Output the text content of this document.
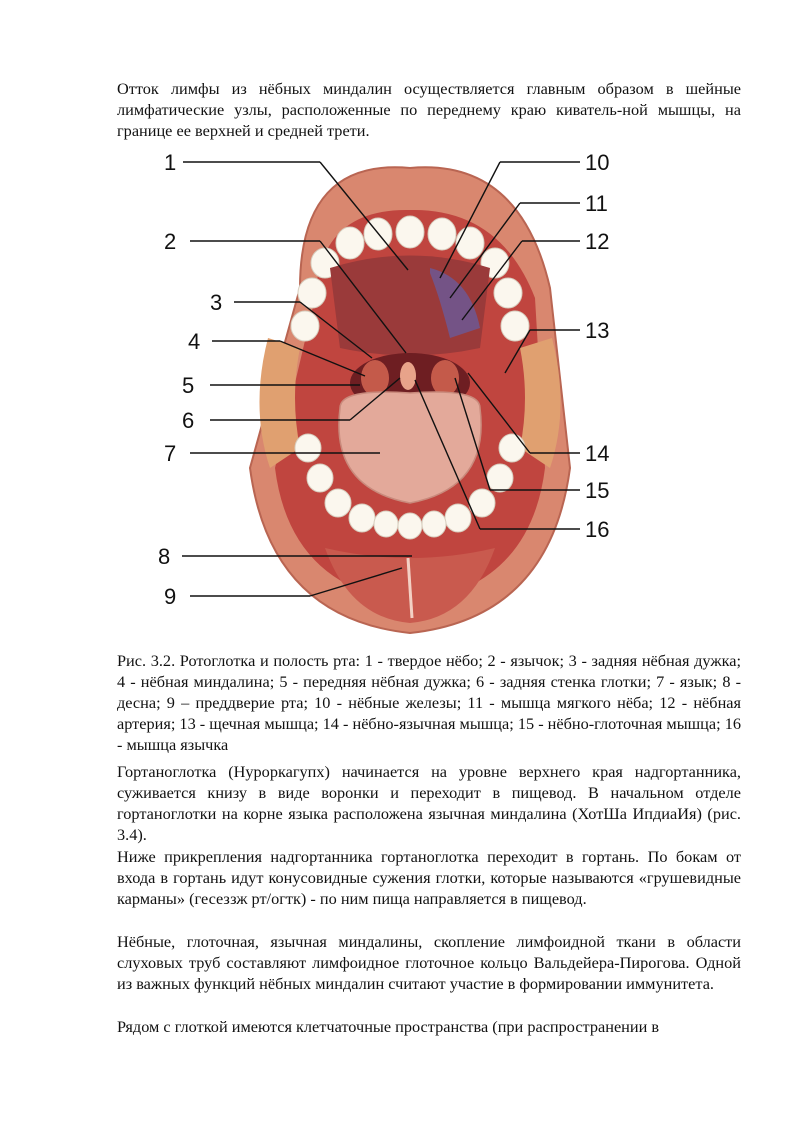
Отток лимфы из нёбных миндалин осуществляется главным образом в шейные лимфатические узлы, расположенные по переднему краю киватель-ной мышцы, на границе ее верхней и средней трети.

1
2
3
4
5
6
7
8
9
10
11
12
13
14
15
16

Рис. 3.2. Ротоглотка и полость рта: 1 - твердое нёбо; 2 - язычок; 3 - задняя нёбная дужка; 4 - нёбная миндалина; 5 - передняя нёбная дужка; 6 - задняя стенка глотки; 7 - язык; 8 - десна; 9 – преддверие рта; 10 - нёбные железы; 11 - мышца мягкого нёба; 12 - нёбная артерия; 13 - щечная мышца; 14 - нёбно-язычная мышца; 15 - нёбно-глоточная мышца; 16 - мышца язычка

Гортаноглотка (Нуроркагупх) начинается на уровне верхнего края надгортанника, суживается книзу в виде воронки и переходит в пищевод. В начальном отделе гортаноглотки на корне языка расположена язычная миндалина (ХотШа ИпдиаИя) (рис. 3.4).

Ниже прикрепления надгортанника гортаноглотка переходит в гортань. По бокам от входа в гортань идут конусовидные сужения глотки, которые называются «грушевидные карманы» (гесеззж рт/огтк) - по ним пища направляется в пищевод.

Нёбные, глоточная, язычная миндалины, скопление лимфоидной ткани в области слуховых труб составляют лимфоидное глоточное кольцо Вальдейера-Пирогова. Одной из важных функций нёбных миндалин считают участие в формировании иммунитета.

Рядом с глоткой имеются клетчаточные пространства (при распространении в
